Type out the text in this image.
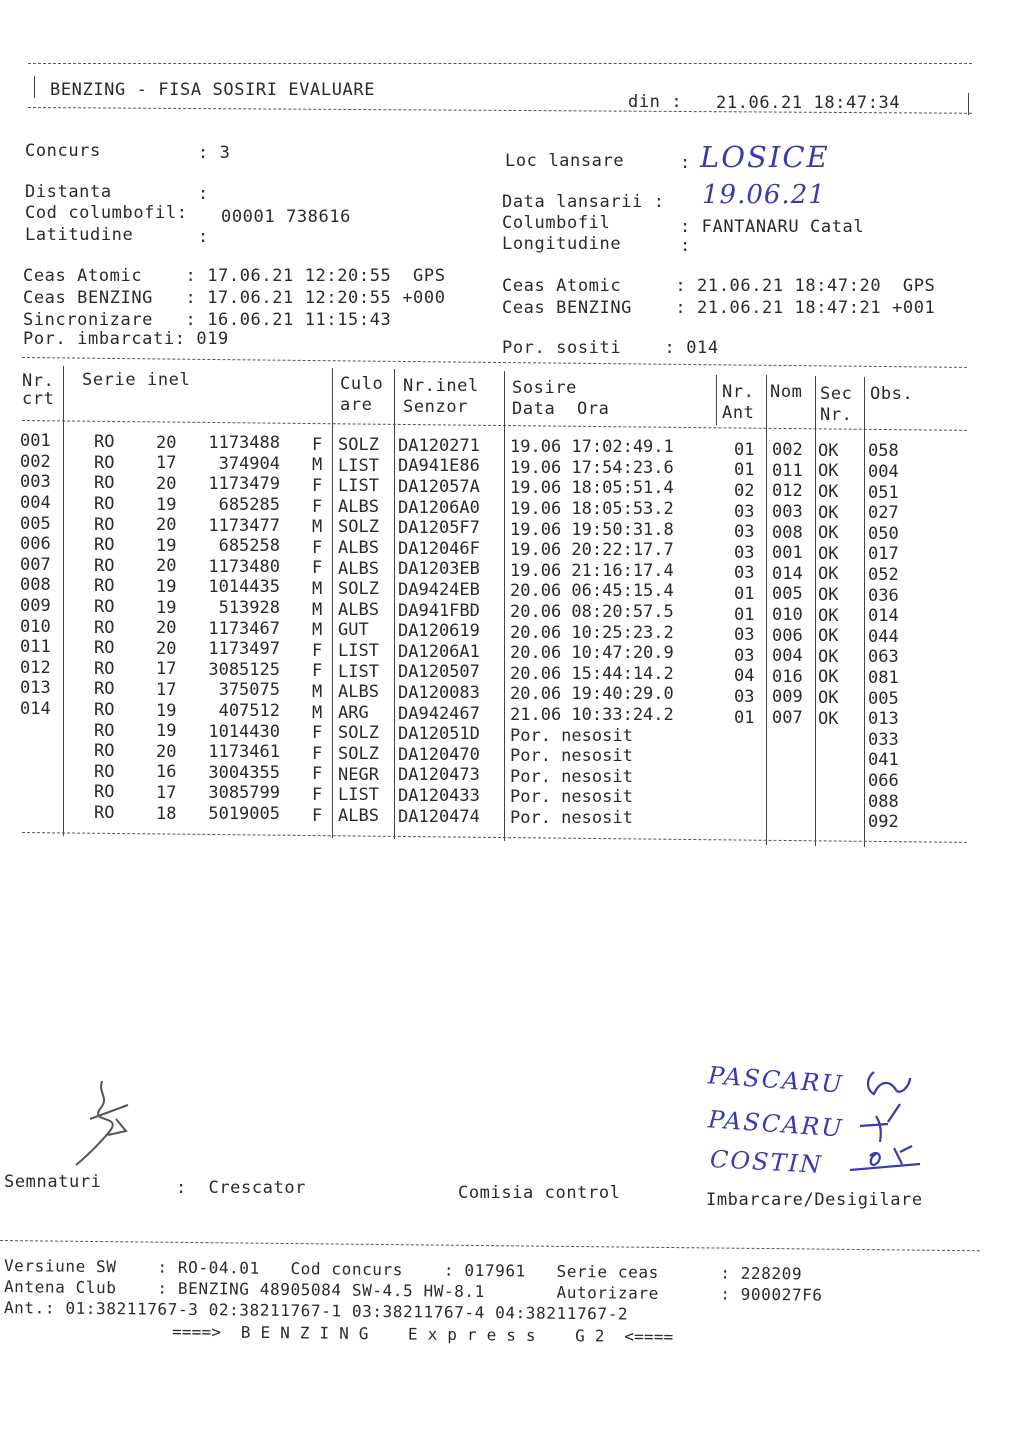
BENZING - FISA SOSIRI EVALUARE
din : 21.06.21 18:47:34
Concurs	: 3
Distanta	:
Cod columbofil: 00001 738616
Latitudine	:
Loc lansare	: LOSICE
Data lansarii : 19.06.21
Columbofil	: FANTANARU Catal
Longitudine	:
Ceas Atomic    : 17.06.21 12:20:55  GPS
Ceas BENZING   : 17.06.21 12:20:55 +000
Sincronizare   : 16.06.21 11:15:43
Por. imbarcati: 019
Ceas Atomic     : 21.06.21 18:47:20  GPS
Ceas BENZING    : 21.06.21 18:47:21 +001
Por. sositi    : 014
Nr.
crt
Serie inel	Culo
are
Nr.inel
Senzor
Sosire
Data  Ora
Nr.
Ant
Nom Sec
Nr.
Obs.
001	RO 20	1173488 F SOLZ DA120271 19.06 17:02:49.1	01 002 OK 058
002	RO 17	374904 M LIST DA941E86 19.06 17:54:23.6	01 011 OK 004
003	RO 20	1173479 F LIST DA12057A 19.06 18:05:51.4	02 012 OK 051
004	RO 19	685285 F ALBS DA1206A0 19.06 18:05:53.2	03 003 OK 027
005	RO 20	1173477 M SOLZ DA1205F7 19.06 19:50:31.8	03 008 OK 050
006	RO 19	685258 F ALBS DA12046F 19.06 20:22:17.7	03 001 OK 017
007	RO 20	1173480 F ALBS DA1203EB 19.06 21:16:17.4	03 014 OK 052
008	RO 19	1014435 M SOLZ DA9424EB 20.06 06:45:15.4	01 005 OK 036
009	RO 19	513928 M ALBS DA941FBD 20.06 08:20:57.5	01 010 OK 014
010	RO 20	1173467 M GUT DA120619 20.06 10:25:23.2	03 006 OK 044
011	RO 20	1173497 F LIST DA1206A1 20.06 10:47:20.9	03 004 OK 063
012	RO 17	3085125 F LIST DA120507 20.06 15:44:14.2	04 016 OK 081
013	RO 17	375075 M ALBS DA120083 20.06 19:40:29.0	03 009 OK 005
014	RO 19	407512 M ARG DA942467 21.06 10:33:24.2	01 007 OK 013
RO 19	1014430 F SOLZ DA12051D Por. nesosit	033
RO 20	1173461 F SOLZ DA120470 Por. nesosit	041
RO 16	3004355 F NEGR DA120473 Por. nesosit	066
RO 17	3085799 F LIST DA120433 Por. nesosit	088
RO 18	5019005 F ALBS DA120474 Por. nesosit	092
Semnaturi	:  Crescator	Comisia control	Imbarcare/Desigilare
PASCARU
PASCARU
COSTIN
Versiune SW    : RO-04.01   Cod concurs    : 017961   Serie ceas      : 228209
Antena Club    : BENZING 48905084 SW-4.5 HW-8.1       Autorizare      : 900027F6
Ant.: 01:38211767-3 02:38211767-1 03:38211767-4 04:38211767-2
====>  B E N Z I N G    E x p r e s s    G 2  <====
